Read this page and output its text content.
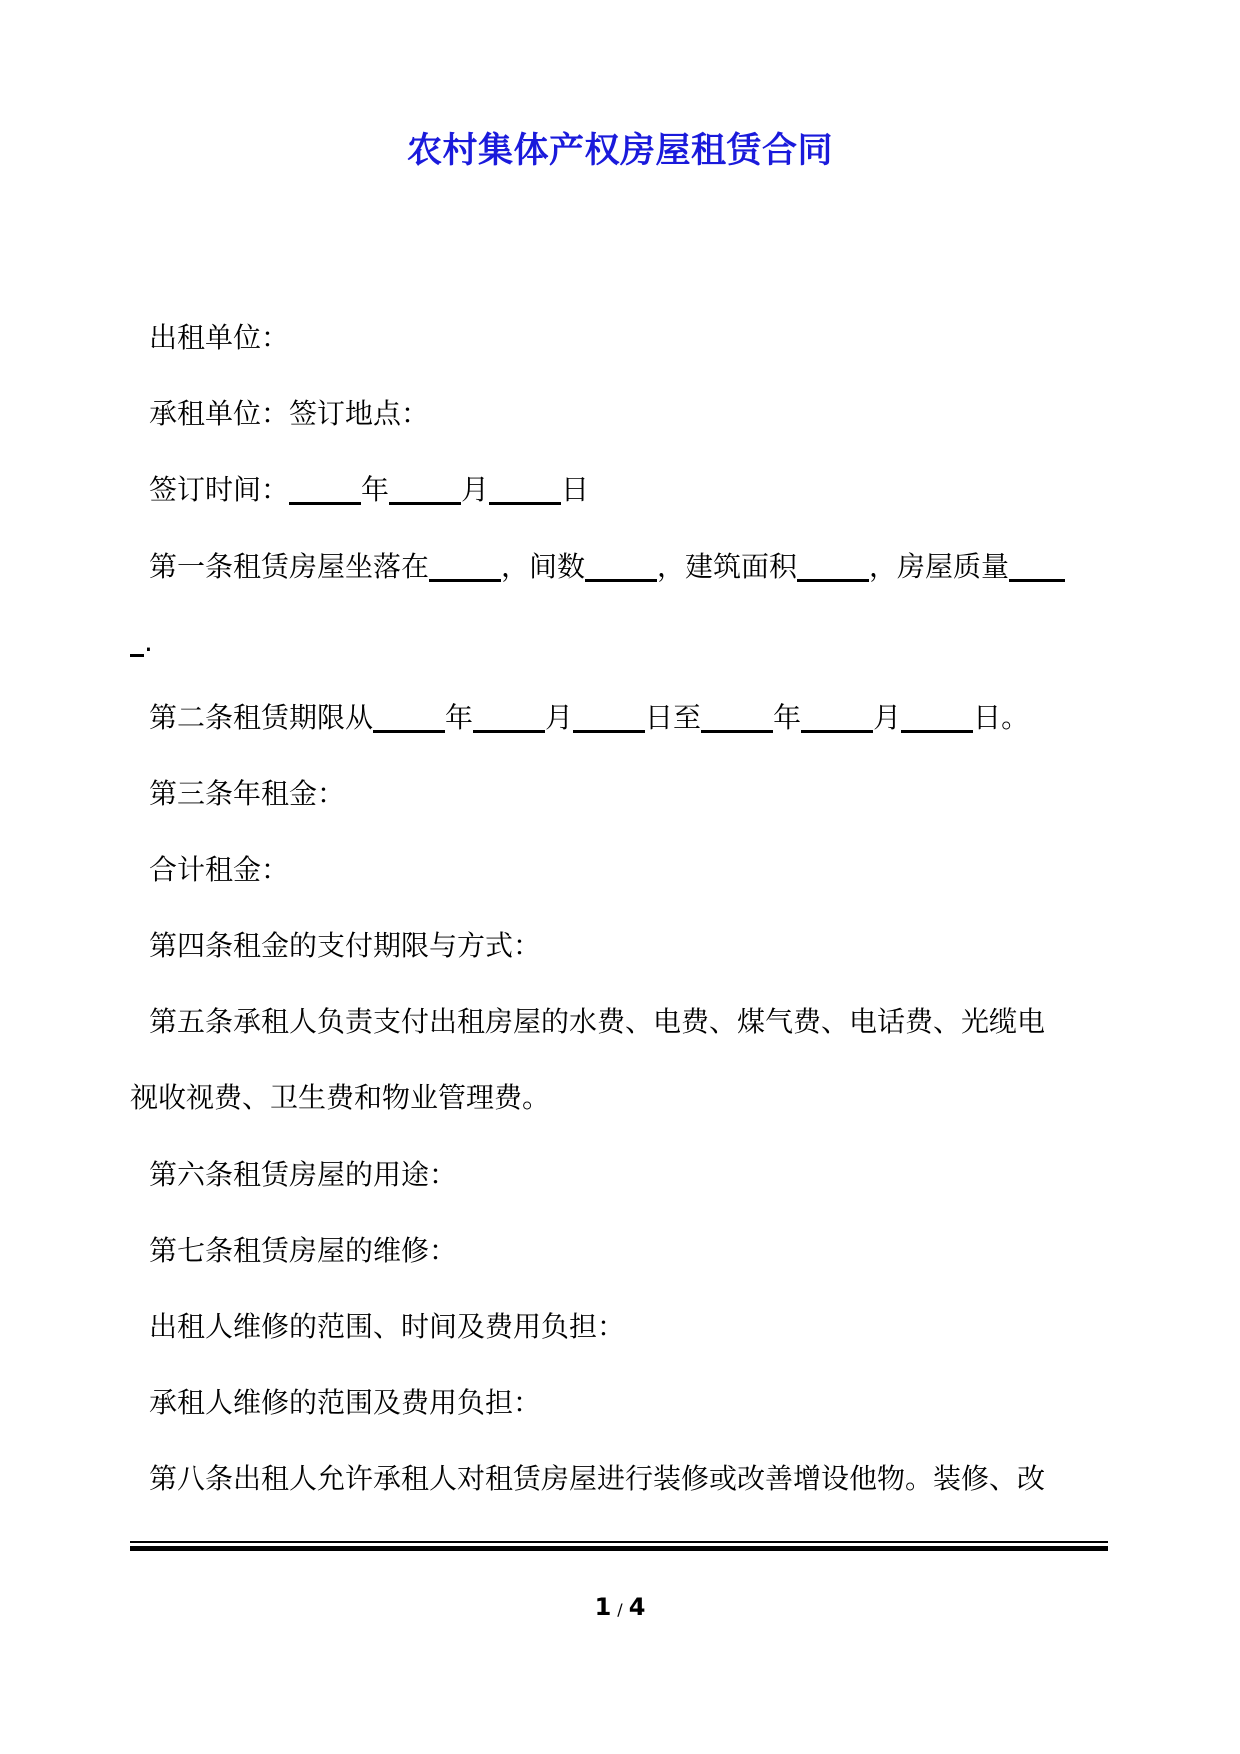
农村集体产权房屋租赁合同
出租单位：
承租单位：签订地点：
签订时间：	年	月	日
第一条租赁房屋坐落在	，间数	，建筑面积	，房屋质量
.
第二条租赁期限从	年	月	日至	年	月	日。
第三条年租金：
合计租金：
第四条租金的支付期限与方式：
第五条承租人负责支付出租房屋的水费、电费、煤气费、电话费、光缆电
视收视费、卫生费和物业管理费。
第六条租赁房屋的用途：
第七条租赁房屋的维修：
出租人维修的范围、时间及费用负担：
承租人维修的范围及费用负担：
第八条出租人允许承租人对租赁房屋进行装修或改善增设他物。装修、改
1 / 4
